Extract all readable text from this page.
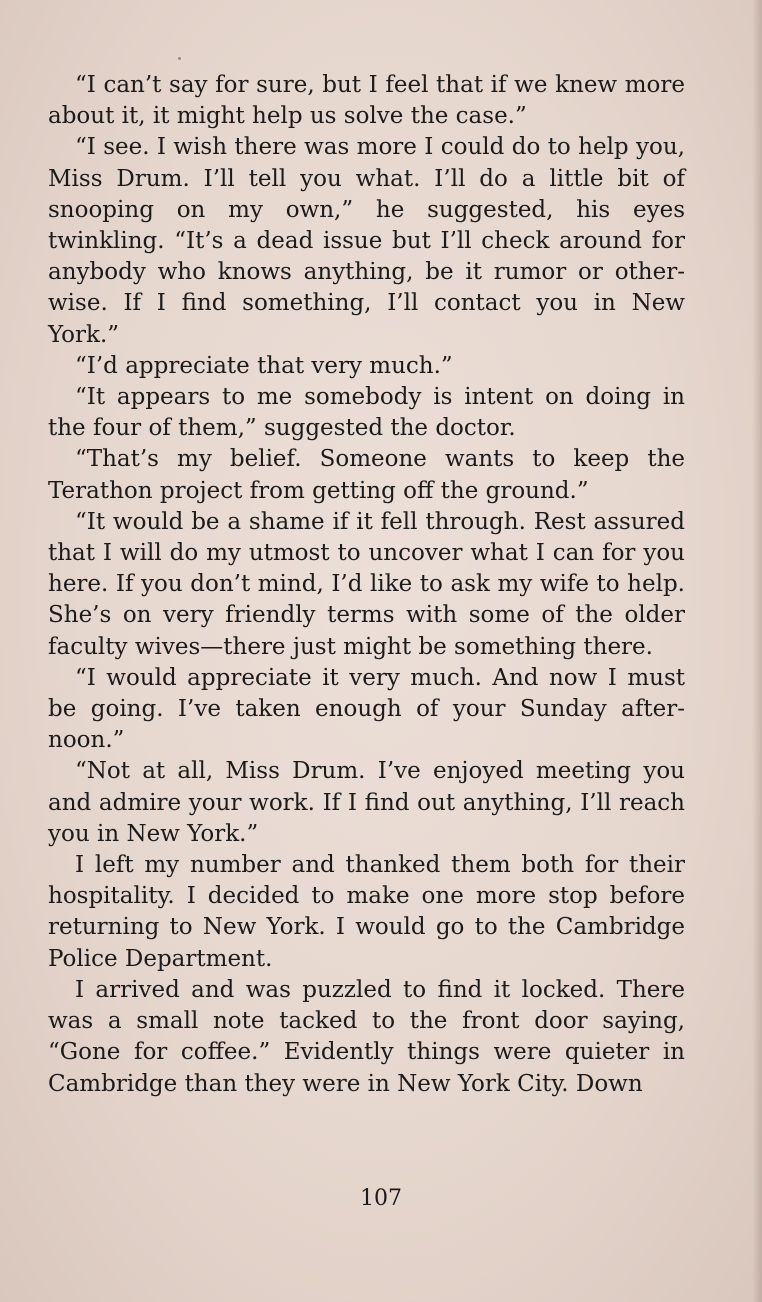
“I can’t say for sure, but I feel that if we knew more about it, it might help us solve the case.”

“I see. I wish there was more I could do to help you, Miss Drum. I’ll tell you what. I’ll do a little bit of snooping on my own,” he suggested, his eyes twinkling. “It’s a dead issue but I’ll check around for anybody who knows anything, be it rumor or otherwise. If I find something, I’ll contact you in New York.”

“I’d appreciate that very much.”

“It appears to me somebody is intent on doing in the four of them,” suggested the doctor.

“That’s my belief. Someone wants to keep the Terathon project from getting off the ground.”

“It would be a shame if it fell through. Rest assured that I will do my utmost to uncover what I can for you here. If you don’t mind, I’d like to ask my wife to help. She’s on very friendly terms with some of the older faculty wives—there just might be something there.

“I would appreciate it very much. And now I must be going. I’ve taken enough of your Sunday afternoon.”

“Not at all, Miss Drum. I’ve enjoyed meeting you and admire your work. If I find out anything, I’ll reach you in New York.”

I left my number and thanked them both for their hospitality. I decided to make one more stop before returning to New York. I would go to the Cambridge Police Department.

I arrived and was puzzled to find it locked. There was a small note tacked to the front door saying, “Gone for coffee.” Evidently things were quieter in Cambridge than they were in New York City. Down

107
